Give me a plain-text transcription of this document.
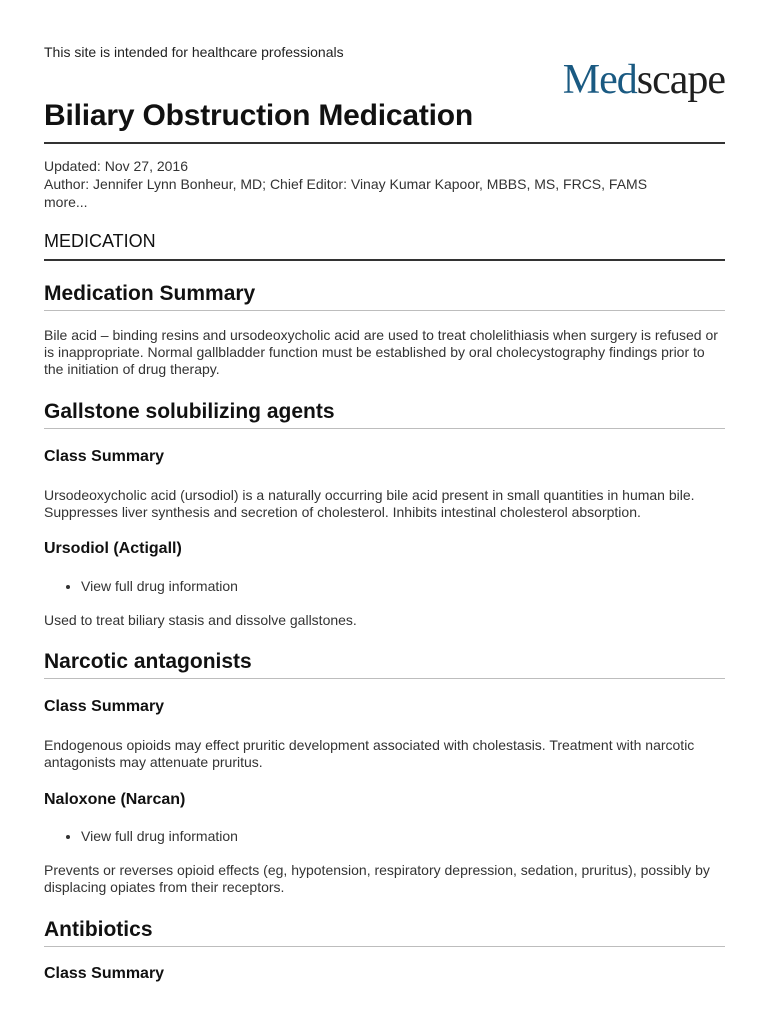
This site is intended for healthcare professionals
Medscape
Biliary Obstruction Medication
Updated: Nov 27, 2016
Author: Jennifer Lynn Bonheur, MD; Chief Editor: Vinay Kumar Kapoor, MBBS, MS, FRCS, FAMS
more...
MEDICATION
Medication Summary

Bile acid – binding resins and ursodeoxycholic acid are used to treat cholelithiasis when surgery is refused or is inappropriate. Normal gallbladder function must be established by oral cholecystography findings prior to the initiation of drug therapy.

Gallstone solubilizing agents
Class Summary

Ursodeoxycholic acid (ursodiol) is a naturally occurring bile acid present in small quantities in human bile. Suppresses liver synthesis and secretion of cholesterol. Inhibits intestinal cholesterol absorption.

Ursodiol (Actigall)
• View full drug information

Used to treat biliary stasis and dissolve gallstones.

Narcotic antagonists
Class Summary

Endogenous opioids may effect pruritic development associated with cholestasis. Treatment with narcotic antagonists may attenuate pruritus.

Naloxone (Narcan)
• View full drug information

Prevents or reverses opioid effects (eg, hypotension, respiratory depression, sedation, pruritus), possibly by displacing opiates from their receptors.

Antibiotics
Class Summary
